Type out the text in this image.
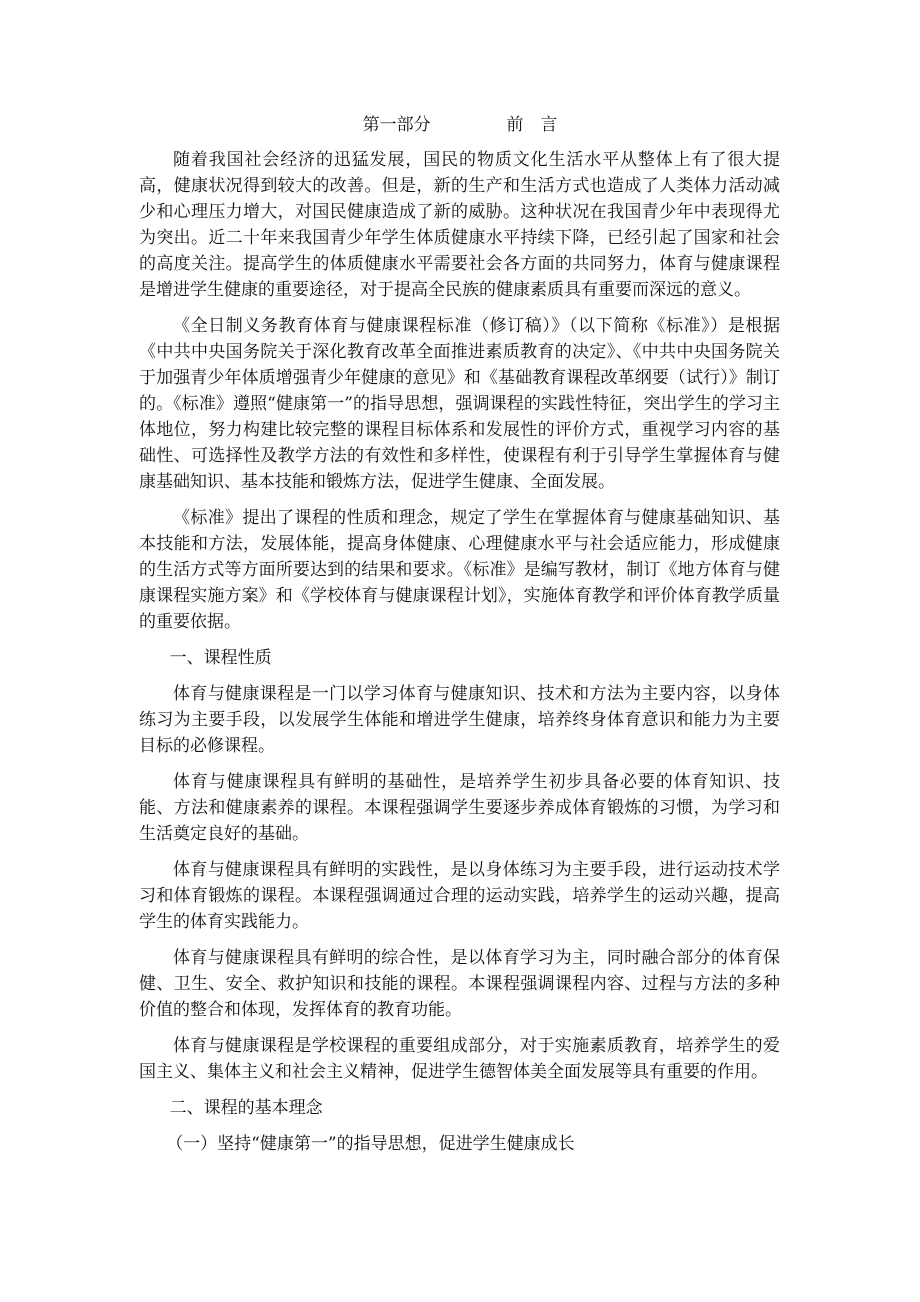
第一部分	前　言

随着我国社会经济的迅猛发展，国民的物质文化生活水平从整体上有了很大提高，健康状况得到较大的改善。但是，新的生产和生活方式也造成了人类体力活动减少和心理压力增大，对国民健康造成了新的威胁。这种状况在我国青少年中表现得尤为突出。近二十年来我国青少年学生体质健康水平持续下降，已经引起了国家和社会的高度关注。提高学生的体质健康水平需要社会各方面的共同努力，体育与健康课程是增进学生健康的重要途径，对于提高全民族的健康素质具有重要而深远的意义。

《全日制义务教育体育与健康课程标准（修订稿）》（以下简称《标准》）是根据《中共中央国务院关于深化教育改革全面推进素质教育的决定》、《中共中央国务院关于加强青少年体质增强青少年健康的意见》和《基础教育课程改革纲要（试行）》制订的。《标准》遵照“健康第一”的指导思想，强调课程的实践性特征，突出学生的学习主体地位，努力构建比较完整的课程目标体系和发展性的评价方式，重视学习内容的基础性、可选择性及教学方法的有效性和多样性，使课程有利于引导学生掌握体育与健康基础知识、基本技能和锻炼方法，促进学生健康、全面发展。

《标准》提出了课程的性质和理念，规定了学生在掌握体育与健康基础知识、基本技能和方法，发展体能，提高身体健康、心理健康水平与社会适应能力，形成健康的生活方式等方面所要达到的结果和要求。《标准》是编写教材，制订《地方体育与健康课程实施方案》和《学校体育与健康课程计划》，实施体育教学和评价体育教学质量的重要依据。

一、课程性质

体育与健康课程是一门以学习体育与健康知识、技术和方法为主要内容，以身体练习为主要手段，以发展学生体能和增进学生健康，培养终身体育意识和能力为主要目标的必修课程。

体育与健康课程具有鲜明的基础性，是培养学生初步具备必要的体育知识、技能、方法和健康素养的课程。本课程强调学生要逐步养成体育锻炼的习惯，为学习和生活奠定良好的基础。

体育与健康课程具有鲜明的实践性，是以身体练习为主要手段，进行运动技术学习和体育锻炼的课程。本课程强调通过合理的运动实践，培养学生的运动兴趣，提高学生的体育实践能力。

体育与健康课程具有鲜明的综合性，是以体育学习为主，同时融合部分的体育保健、卫生、安全、救护知识和技能的课程。本课程强调课程内容、过程与方法的多种价值的整合和体现，发挥体育的教育功能。

体育与健康课程是学校课程的重要组成部分，对于实施素质教育，培养学生的爱国主义、集体主义和社会主义精神，促进学生德智体美全面发展等具有重要的作用。

二、课程的基本理念

（一）坚持“健康第一”的指导思想，促进学生健康成长
